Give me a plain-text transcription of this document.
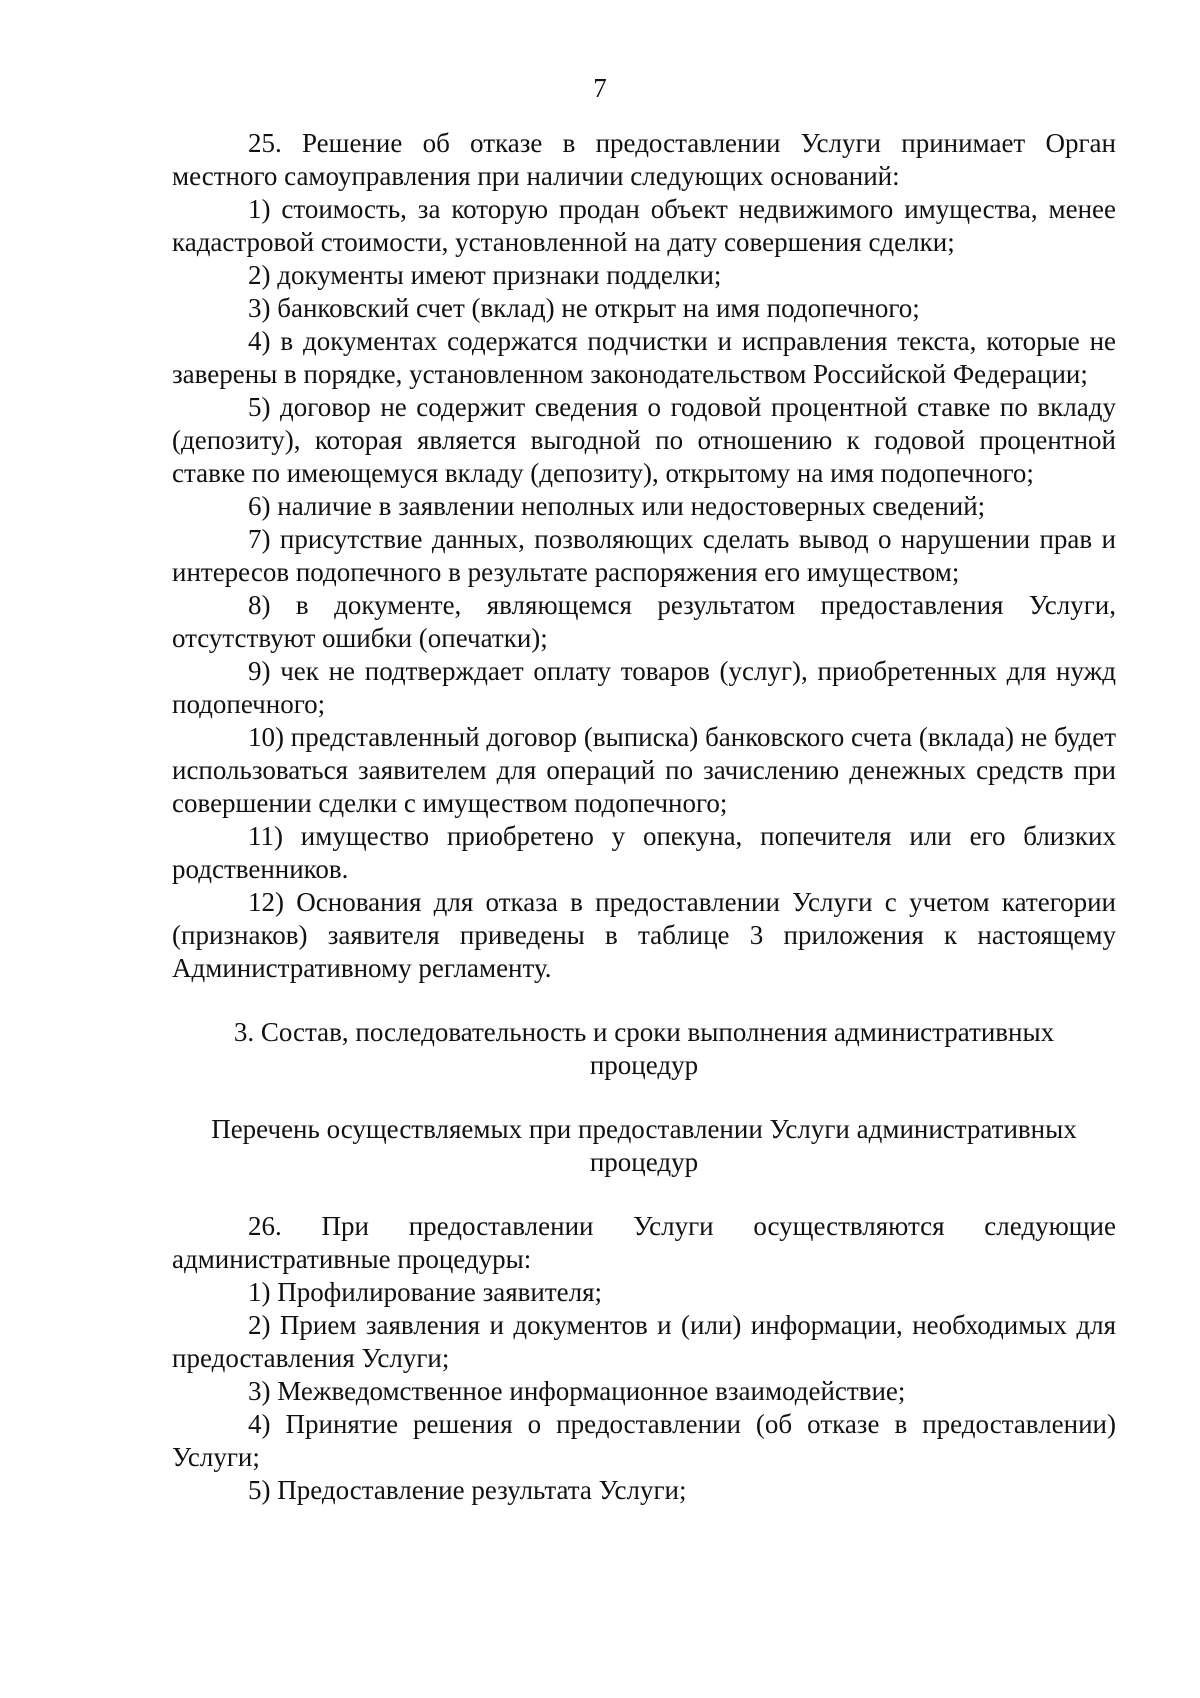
7

25. Решение об отказе в предоставлении Услуги принимает Орган местного самоуправления при наличии следующих оснований:

1) стоимость, за которую продан объект недвижимого имущества, менее кадастровой стоимости, установленной на дату совершения сделки;

2) документы имеют признаки подделки;

3) банковский счет (вклад) не открыт на имя подопечного;

4) в документах содержатся подчистки и исправления текста, которые не заверены в порядке, установленном законодательством Российской Федерации;

5) договор не содержит сведения о годовой процентной ставке по вкладу (депозиту), которая является выгодной по отношению к годовой процентной ставке по имеющемуся вкладу (депозиту), открытому на имя подопечного;

6) наличие в заявлении неполных или недостоверных сведений;

7) присутствие данных, позволяющих сделать вывод о нарушении прав и интересов подопечного в результате распоряжения его имуществом;

8) в документе, являющемся результатом предоставления Услуги, отсутствуют ошибки (опечатки);

9) чек не подтверждает оплату товаров (услуг), приобретенных для нужд подопечного;

10) представленный договор (выписка) банковского счета (вклада) не будет использоваться заявителем для операций по зачислению денежных средств при совершении сделки с имуществом подопечного;

11) имущество приобретено у опекуна, попечителя или его близких родственников.

12) Основания для отказа в предоставлении Услуги с учетом категории (признаков) заявителя приведены в таблице 3 приложения к настоящему Административному регламенту.

3. Состав, последовательность и сроки выполнения административных процедур

Перечень осуществляемых при предоставлении Услуги административных процедур

26. При предоставлении Услуги осуществляются следующие административные процедуры:

1) Профилирование заявителя;

2) Прием заявления и документов и (или) информации, необходимых для предоставления Услуги;

3) Межведомственное информационное взаимодействие;

4) Принятие решения о предоставлении (об отказе в предоставлении) Услуги;

5) Предоставление результата Услуги;
